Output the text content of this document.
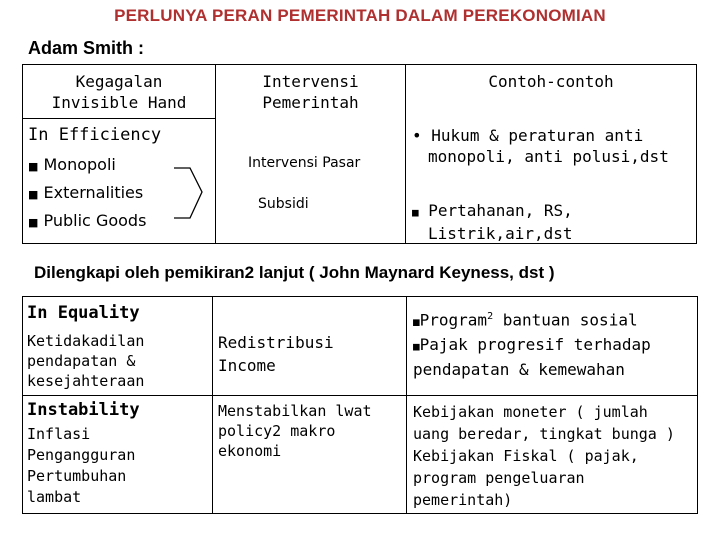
PERLUNYA PERAN PEMERINTAH DALAM PEREKONOMIAN
Adam Smith :
Kegagalan
Invisible Hand
Intervensi
Pemerintah
Contoh-contoh
In Efficiency
■ Monopoli
■ Externalities
■ Public Goods
Intervensi Pasar
Subsidi
• Hukum & peraturan anti
monopoli, anti polusi,dst
■ Pertahanan, RS,
Listrik,air,dst
Dilengkapi oleh pemikiran2 lanjut ( John Maynard Keyness, dst )
In Equality
Ketidakadilan
pendapatan &
kesejahteraan
Redistribusi
Income
■Program$^2$ bantuan sosial
■Pajak progresif terhadap
pendapatan & kemewahan
Instability
Inflasi
Pengangguran
Pertumbuhan
lambat
Menstabilkan lwat
policy2 makro
ekonomi
Kebijakan moneter ( jumlah
uang beredar, tingkat bunga )
Kebijakan Fiskal ( pajak,
program pengeluaran
pemerintah)
